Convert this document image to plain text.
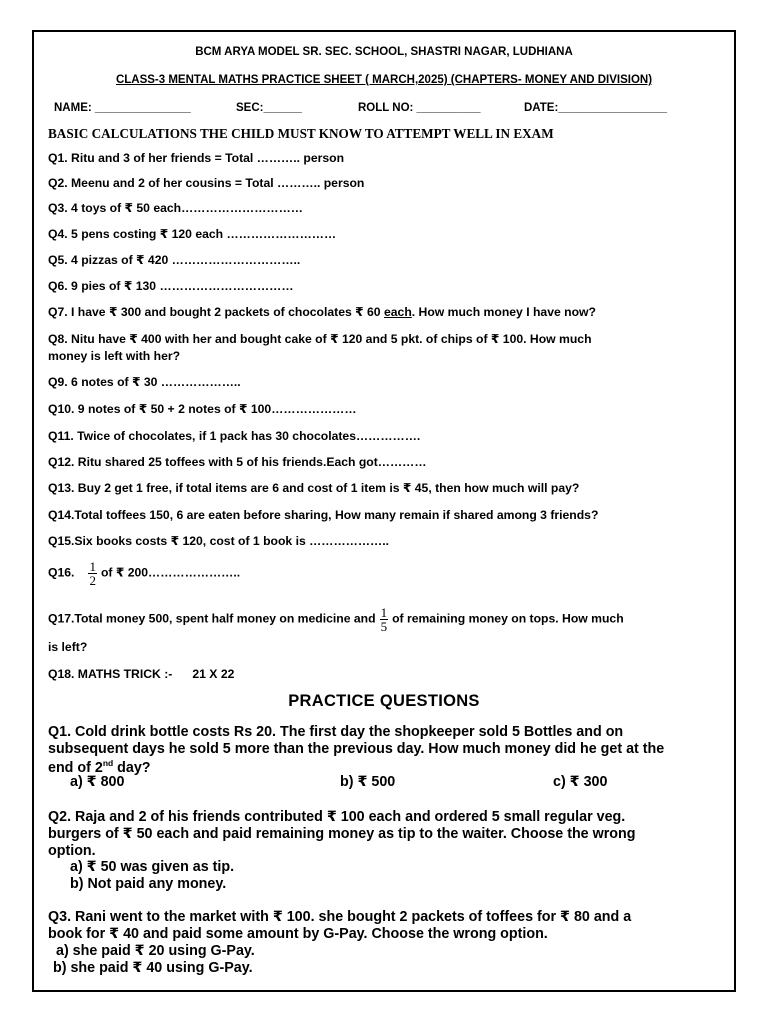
BCM ARYA MODEL SR. SEC. SCHOOL, SHASTRI NAGAR, LUDHIANA
CLASS-3 MENTAL MATHS PRACTICE SHEET ( MARCH,2025) (CHAPTERS- MONEY AND DIVISION)
NAME: _______________	SEC:______	ROLL NO: __________	DATE:_________________
BASIC CALCULATIONS THE CHILD MUST KNOW TO ATTEMPT WELL IN EXAM
Q1. Ritu and 3 of her friends = Total ……….. person
Q2. Meenu and 2 of her cousins = Total ……….. person
Q3. 4 toys of ₹ 50 each…………………………
Q4. 5 pens costing ₹ 120 each ………………………
Q5. 4 pizzas of ₹ 420 …………………………..
Q6. 9 pies of ₹ 130 ……………………………
Q7. I have ₹ 300 and bought 2 packets of chocolates ₹ 60 each. How much money I have now?
Q8. Nitu have ₹ 400 with her and bought cake of ₹ 120 and 5 pkt. of chips of ₹ 100. How much
money is left with her?
Q9. 6 notes of ₹ 30 ………………..
Q10. 9 notes of ₹ 50 + 2 notes of ₹ 100…………………
Q11. Twice of chocolates, if 1 pack has 30 chocolates…………….
Q12. Ritu shared 25 toffees with 5 of his friends.Each got…………
Q13. Buy 2 get 1 free, if total items are 6 and cost of 1 item is ₹ 45, then how much will pay?
Q14.Total toffees 150, 6 are eaten before sharing, How many remain if shared among 3 friends?
Q15.Six books costs ₹ 120, cost of 1 book is ………………..
Q16. $\frac{1}{2}$ of ₹ 200…………………..
Q17.Total money 500, spent half money on medicine and $\frac{1}{5}$ of remaining money on tops. How much
is left?
Q18. MATHS TRICK :- 21 X 22
PRACTICE QUESTIONS
Q1. Cold drink bottle costs Rs 20. The first day the shopkeeper sold 5 Bottles and on
subsequent days he sold 5 more than the previous day. How much money did he get at the
end of 2nd day?
a) ₹ 800	b) ₹ 500	c) ₹ 300
Q2. Raja and 2 of his friends contributed ₹ 100 each and ordered 5 small regular veg.
burgers of ₹ 50 each and paid remaining money as tip to the waiter. Choose the wrong
option.
a) ₹ 50 was given as tip.
b) Not paid any money.
Q3. Rani went to the market with ₹ 100. she bought 2 packets of toffees for ₹ 80 and a
book for ₹ 40 and paid some amount by G-Pay. Choose the wrong option.
a) she paid ₹ 20 using G-Pay.
b) she paid ₹ 40 using G-Pay.
